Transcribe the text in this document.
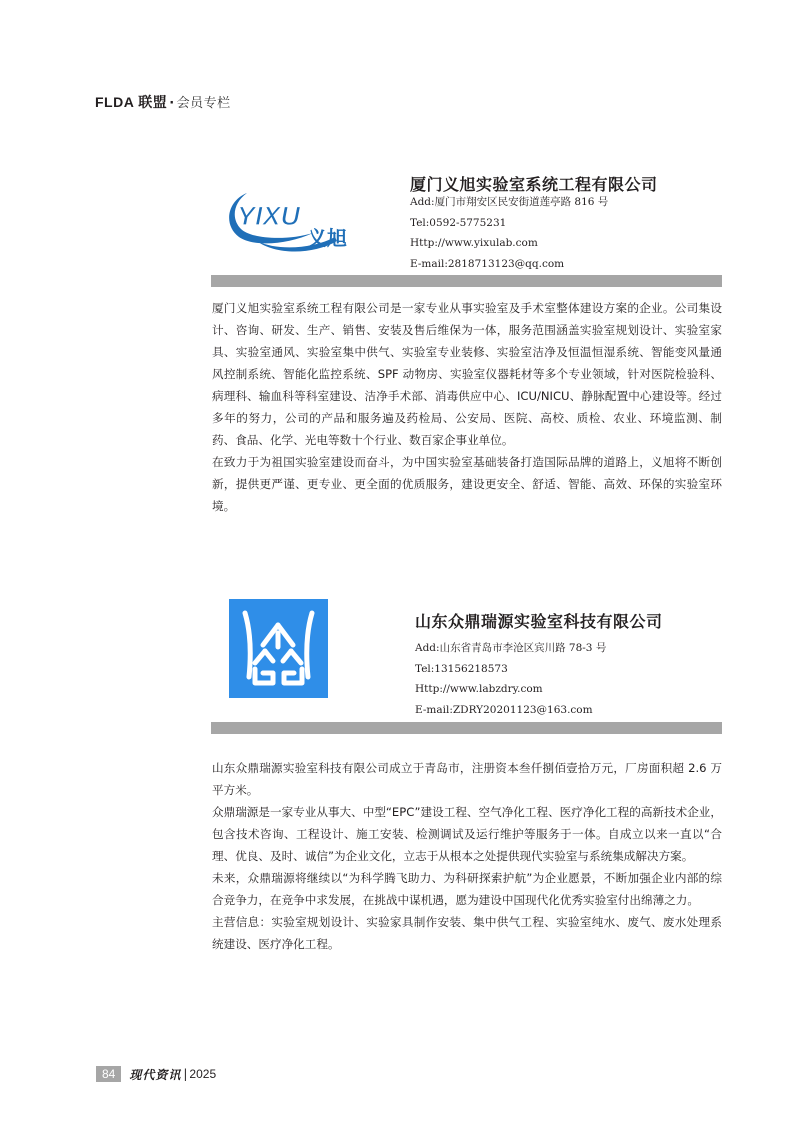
FLDA 联盟 · 会员专栏
YIXU
义旭
厦门义旭实验室系统工程有限公司
Add:厦门市翔安区民安街道莲亭路 816 号
Tel:0592-5775231
Http://www.yixulab.com
E-mail:2818713123@qq.com

厦门义旭实验室系统工程有限公司是一家专业从事实验室及手术室整体建设方案的企业。公司集设计、咨询、研发、生产、销售、安装及售后维保为一体，服务范围涵盖实验室规划设计、实验室家具、实验室通风、实验室集中供气、实验室专业装修、实验室洁净及恒温恒湿系统、智能变风量通风控制系统、智能化监控系统、SPF 动物房、实验室仪器耗材等多个专业领域，针对医院检验科、病理科、输血科等科室建设、洁净手术部、消毒供应中心、ICU/NICU、静脉配置中心建设等。经过多年的努力，公司的产品和服务遍及药检局、公安局、医院、高校、质检、农业、环境监测、制药、食品、化学、光电等数十个行业、数百家企事业单位。

在致力于为祖国实验室建设而奋斗，为中国实验室基础装备打造国际品牌的道路上，义旭将不断创新，提供更严谨、更专业、更全面的优质服务，建设更安全、舒适、智能、高效、环保的实验室环境。

山东众鼎瑞源实验室科技有限公司
Add:山东省青岛市李沧区宾川路 78-3 号
Tel:13156218573
Http://www.labzdry.com
E-mail:ZDRY20201123@163.com

山东众鼎瑞源实验室科技有限公司成立于青岛市，注册资本叁仟捌佰壹拾万元，厂房面积超 2.6 万平方米。

众鼎瑞源是一家专业从事大、中型“EPC”建设工程、空气净化工程、医疗净化工程的高新技术企业，包含技术咨询、工程设计、施工安装、检测调试及运行维护等服务于一体。自成立以来一直以“合理、优良、及时、诚信”为企业文化，立志于从根本之处提供现代实验室与系统集成解决方案。

未来，众鼎瑞源将继续以“为科学腾飞助力、为科研探索护航”为企业愿景，不断加强企业内部的综合竞争力，在竞争中求发展，在挑战中谋机遇，愿为建设中国现代化优秀实验室付出绵薄之力。

主营信息：实验室规划设计、实验家具制作安装、集中供气工程、实验室纯水、废气、废水处理系统建设、医疗净化工程。

84	现代资讯 | 2025
